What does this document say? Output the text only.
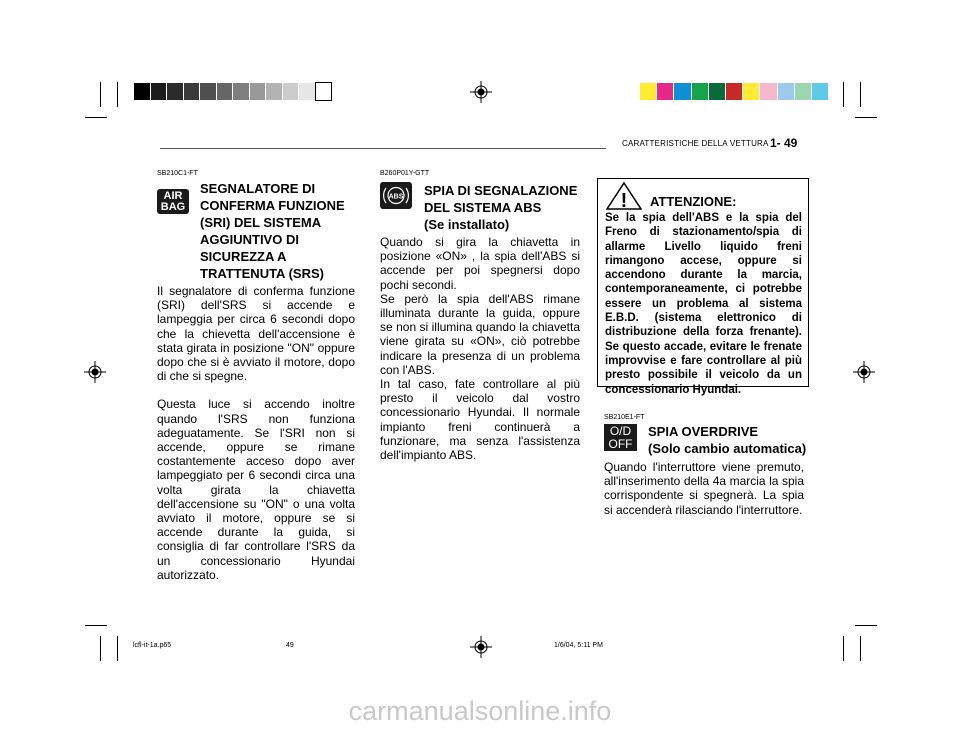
CARATTERISTICHE DELLA VETTURA 1- 49
SB210C1-FT
AIR
BAG
SEGNALATORE DI
CONFERMA FUNZIONE
(SRI) DEL SISTEMA
AGGIUNTIVO DI
SICUREZZA A
TRATTENUTA (SRS)

Il segnalatore di conferma funzione (SRI) dell'SRS si accende e lampeggia per circa 6 secondi dopo che la chievetta dell'accensione è stata girata in posizione "ON" oppure dopo che si è avviato il motore, dopo di che si spegne.

Questa luce si accendo inoltre quando l'SRS non funziona adeguatamente. Se l'SRI non si accende, oppure se rimane costantemente acceso dopo aver lampeggiato per 6 secondi circa una volta girata la chiavetta dell'accensione su "ON" o una volta avviato il motore, oppure se si accende durante la guida, si consiglia di far controllare l'SRS da un concessionario Hyundai autorizzato.

B260P01Y-GTT
ABS SPIA DI SEGNALAZIONE
DEL SISTEMA ABS
(Se installato)

Quando si gira la chiavetta in posizione «ON» , la spia dell'ABS si accende per poi spegnersi dopo pochi secondi.

Se però la spia dell'ABS rimane illuminata durante la guida, oppure se non si illumina quando la chiavetta viene girata su «ON», ciò potrebbe indicare la presenza di un problema con l'ABS.

In tal caso, fate controllare al più presto il veicolo dal vostro concessionario Hyundai. Il normale impianto freni continuerà a funzionare, ma senza l'assistenza dell'impianto ABS.

! ATTENZIONE:
Se la spia dell'ABS e la spia del Freno di stazionamento/spia di allarme Livello liquido freni rimangono accese, oppure si accendono durante la marcia, contemporaneamente, ci potrebbe essere un problema al sistema E.B.D. (sistema elettronico di distribuzione della forza frenante). Se questo accade, evitare le frenate improvvise e fare controllare al più presto possibile il veicolo da un concessionario Hyundai.
SB210E1-FT
O/D
OFF
SPIA OVERDRIVE
(Solo cambio automatica)

Quando l'interruttore viene premuto, all'inserimento della 4a marcia la spia corrispondente si spegnerà. La spia si accenderà rilasciando l'interruttore.

lcfl-it-1a.p65	49	1/6/04, 5:11 PM
carmanualsonline.info
